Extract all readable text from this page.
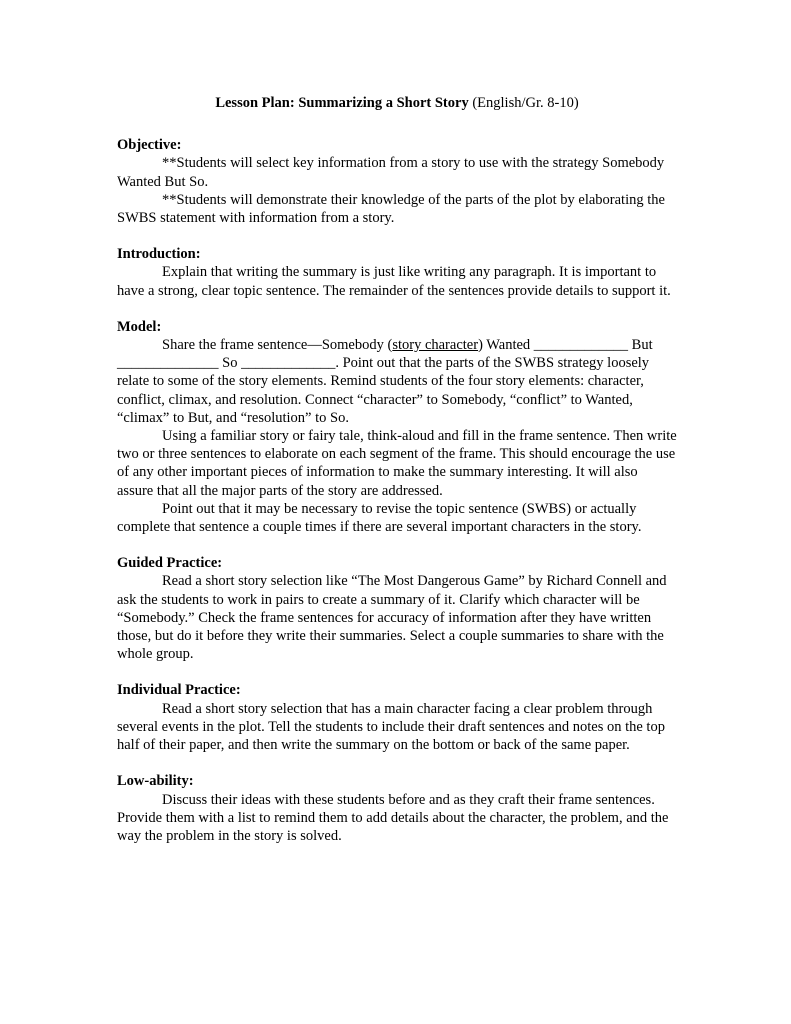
Lesson Plan: Summarizing a Short Story (English/Gr. 8-10)
Objective:

**Students will select key information from a story to use with the strategy Somebody Wanted But So.

**Students will demonstrate their knowledge of the parts of the plot by elaborating the SWBS statement with information from a story.

Introduction:

Explain that writing the summary is just like writing any paragraph. It is important to have a strong, clear topic sentence. The remainder of the sentences provide details to support it.

Model:

Share the frame sentence—Somebody (story character) Wanted _____________ But ______________ So _____________. Point out that the parts of the SWBS strategy loosely relate to some of the story elements. Remind students of the four story elements: character, conflict, climax, and resolution. Connect “character” to Somebody, “conflict” to Wanted, “climax” to But, and “resolution” to So.

Using a familiar story or fairy tale, think-aloud and fill in the frame sentence. Then write two or three sentences to elaborate on each segment of the frame. This should encourage the use of any other important pieces of information to make the summary interesting. It will also assure that all the major parts of the story are addressed.

Point out that it may be necessary to revise the topic sentence (SWBS) or actually complete that sentence a couple times if there are several important characters in the story.

Guided Practice:

Read a short story selection like “The Most Dangerous Game” by Richard Connell and ask the students to work in pairs to create a summary of it. Clarify which character will be “Somebody.” Check the frame sentences for accuracy of information after they have written those, but do it before they write their summaries. Select a couple summaries to share with the whole group.

Individual Practice:

Read a short story selection that has a main character facing a clear problem through several events in the plot. Tell the students to include their draft sentences and notes on the top half of their paper, and then write the summary on the bottom or back of the same paper.

Low-ability:

Discuss their ideas with these students before and as they craft their frame sentences. Provide them with a list to remind them to add details about the character, the problem, and the way the problem in the story is solved.
